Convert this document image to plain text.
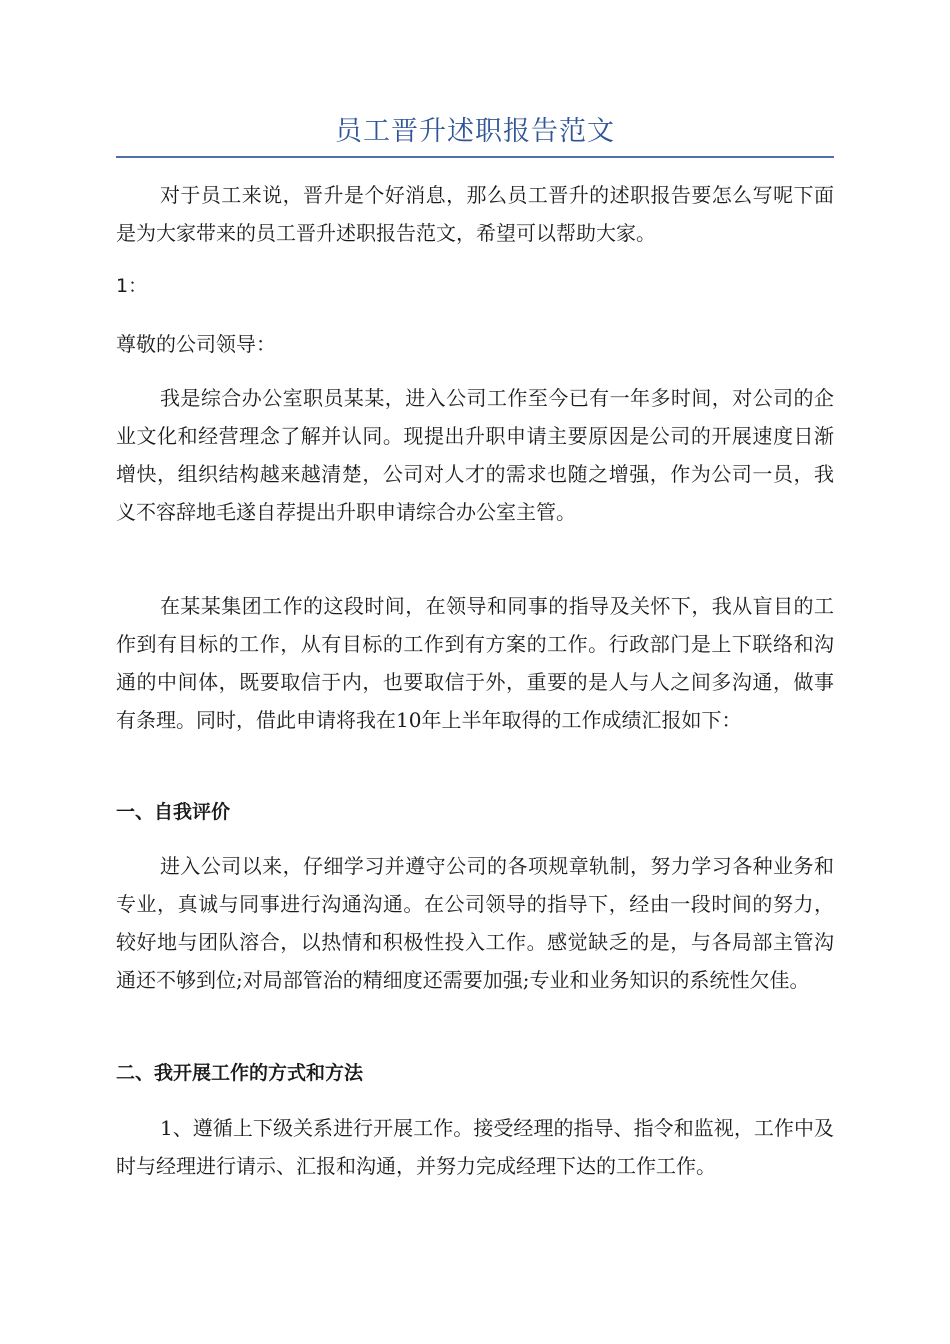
员工晋升述职报告范文

对于员工来说，晋升是个好消息，那么员工晋升的述职报告要怎么写呢下面是为大家带来的员工晋升述职报告范文，希望可以帮助大家。

1：

尊敬的公司领导：

我是综合办公室职员某某，进入公司工作至今已有一年多时间，对公司的企业文化和经营理念了解并认同。现提出升职申请主要原因是公司的开展速度日渐增快，组织结构越来越清楚，公司对人才的需求也随之增强，作为公司一员，我义不容辞地毛遂自荐提出升职申请综合办公室主管。

在某某集团工作的这段时间，在领导和同事的指导及关怀下，我从盲目的工作到有目标的工作，从有目标的工作到有方案的工作。行政部门是上下联络和沟通的中间体，既要取信于内，也要取信于外，重要的是人与人之间多沟通，做事有条理。同时，借此申请将我在10年上半年取得的工作成绩汇报如下：

一、自我评价

进入公司以来，仔细学习并遵守公司的各项规章轨制，努力学习各种业务和专业，真诚与同事进行沟通沟通。在公司领导的指导下，经由一段时间的努力，较好地与团队溶合，以热情和积极性投入工作。感觉缺乏的是，与各局部主管沟通还不够到位;对局部管治的精细度还需要加强;专业和业务知识的系统性欠佳。

二、我开展工作的方式和方法

1、遵循上下级关系进行开展工作。接受经理的指导、指令和监视，工作中及时与经理进行请示、汇报和沟通，并努力完成经理下达的工作工作。
